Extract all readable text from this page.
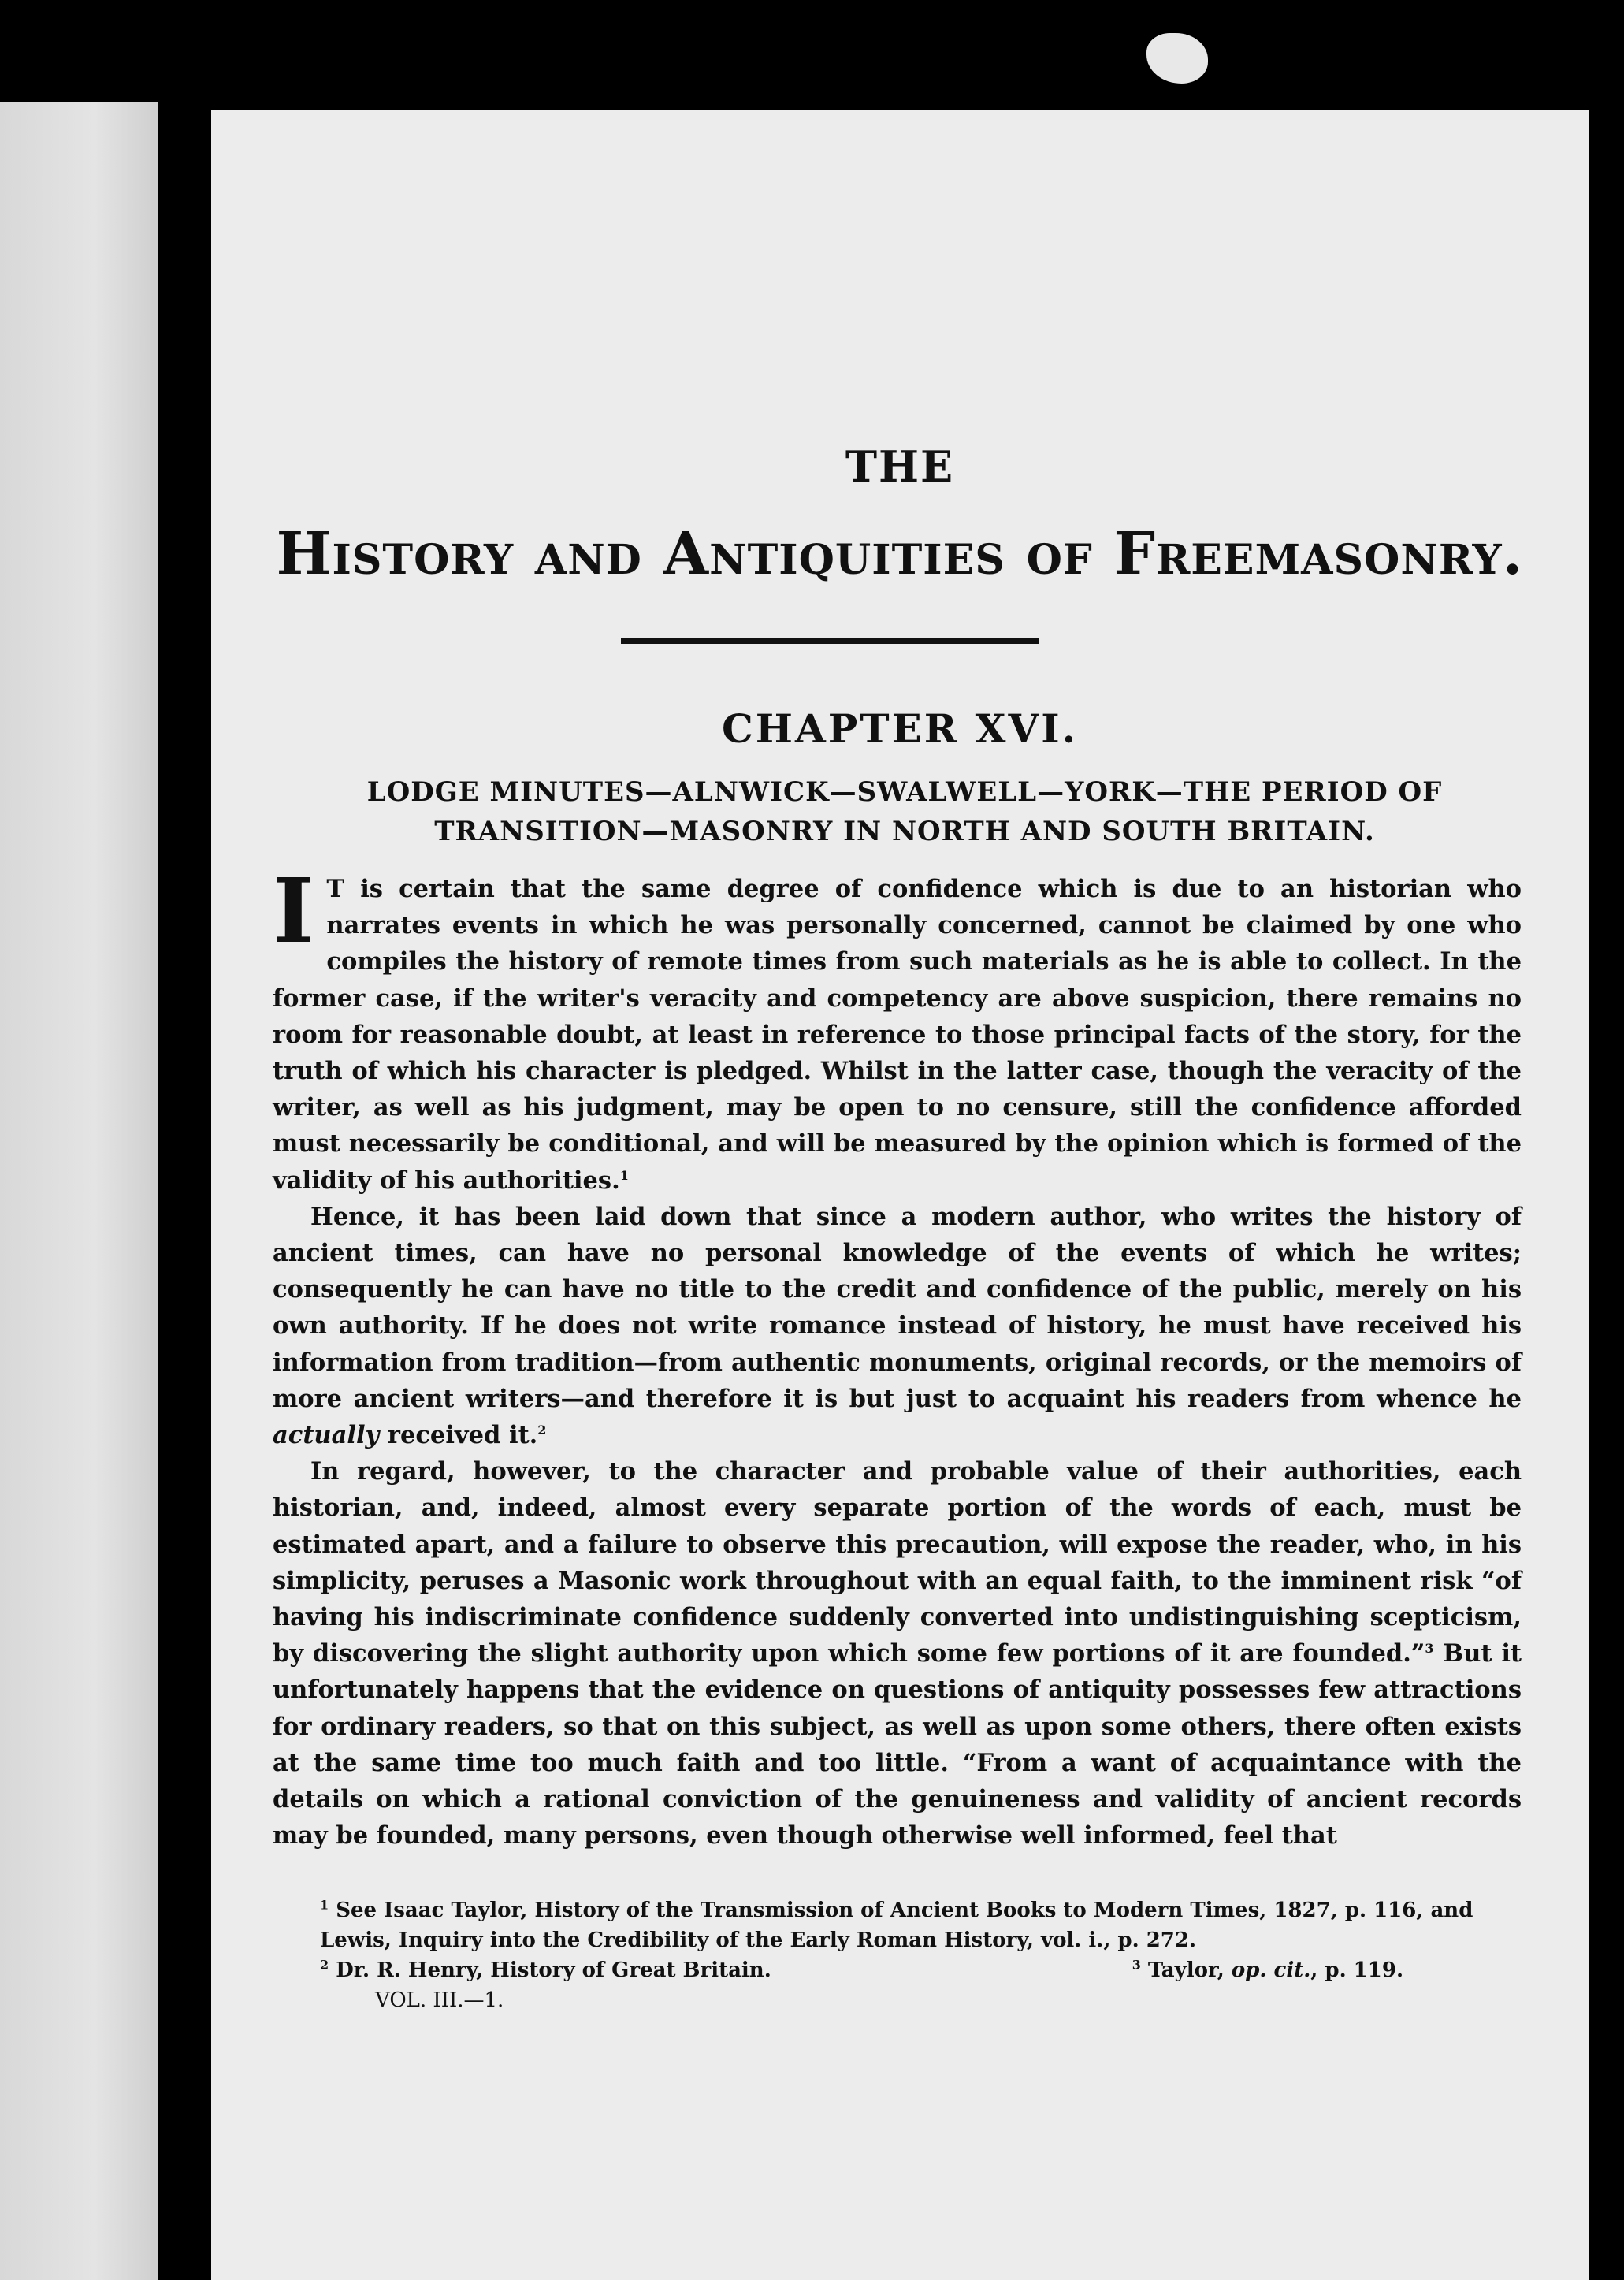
THE
History and Antiquities of Freemasonry.
CHAPTER XVI.
LODGE MINUTES—ALNWICK—SWALWELL—YORK—THE PERIOD OF
TRANSITION—MASONRY IN NORTH AND SOUTH BRITAIN.

I T is certain that the same degree of confidence which is due to an historian who narrates events in which he was personally concerned, cannot be claimed by one who compiles the history of remote times from such materials as he is able to collect. In the former case, if the writer's veracity and competency are above suspicion, there remains no room for reasonable doubt, at least in reference to those principal facts of the story, for the truth of which his character is pledged. Whilst in the latter case, though the veracity of the writer, as well as his judgment, may be open to no censure, still the confidence afforded must necessarily be conditional, and will be measured by the opinion which is formed of the validity of his authorities.$^1$

Hence, it has been laid down that since a modern author, who writes the history of ancient times, can have no personal knowledge of the events of which he writes; consequently he can have no title to the credit and confidence of the public, merely on his own authority. If he does not write romance instead of history, he must have received his information from tradition—from authentic monuments, original records, or the memoirs of more ancient writers—and therefore it is but just to acquaint his readers from whence he actually received it.$^2$

In regard, however, to the character and probable value of their authorities, each historian, and, indeed, almost every separate portion of the words of each, must be estimated apart, and a failure to observe this precaution, will expose the reader, who, in his simplicity, peruses a Masonic work throughout with an equal faith, to the imminent risk “of having his indiscriminate confidence suddenly converted into undistinguishing scepticism, by discovering the slight authority upon which some few portions of it are founded.”$^3$ But it unfortunately happens that the evidence on questions of antiquity possesses few attractions for ordinary readers, so that on this subject, as well as upon some others, there often exists at the same time too much faith and too little. “From a want of acquaintance with the details on which a rational conviction of the genuineness and validity of ancient records may be founded, many persons, even though otherwise well informed, feel that

$^1$ See Isaac Taylor, History of the Transmission of Ancient Books to Modern Times, 1827, p. 116, and Lewis, Inquiry into the Credibility of the Early Roman History, vol. i., p. 272.
$^2$ Dr. R. Henry, History of Great Britain.	$^3$ Taylor, op. cit., p. 119.
VOL. III.—1.
